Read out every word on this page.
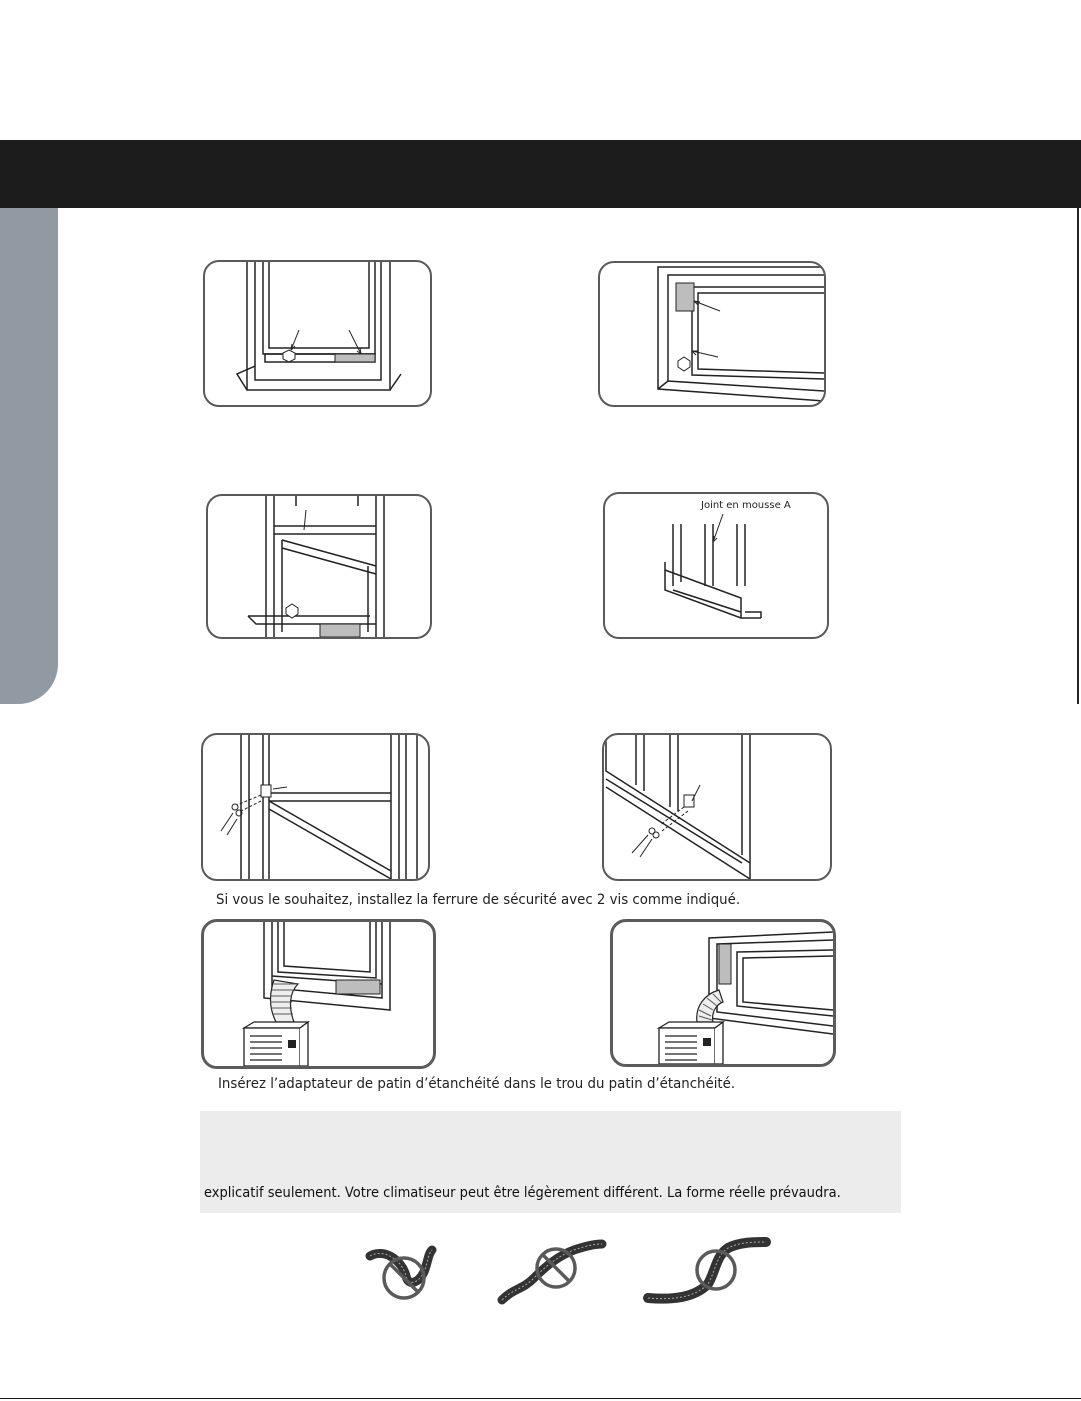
Joint en mousse A
Si vous le souhaitez, installez la ferrure de sécurité avec 2 vis comme indiqué.
Insérez l’adaptateur de patin d’étanchéité dans le trou du patin d’étanchéité.
explicatif seulement. Votre climatiseur peut être légèrement différent. La forme réelle prévaudra.
